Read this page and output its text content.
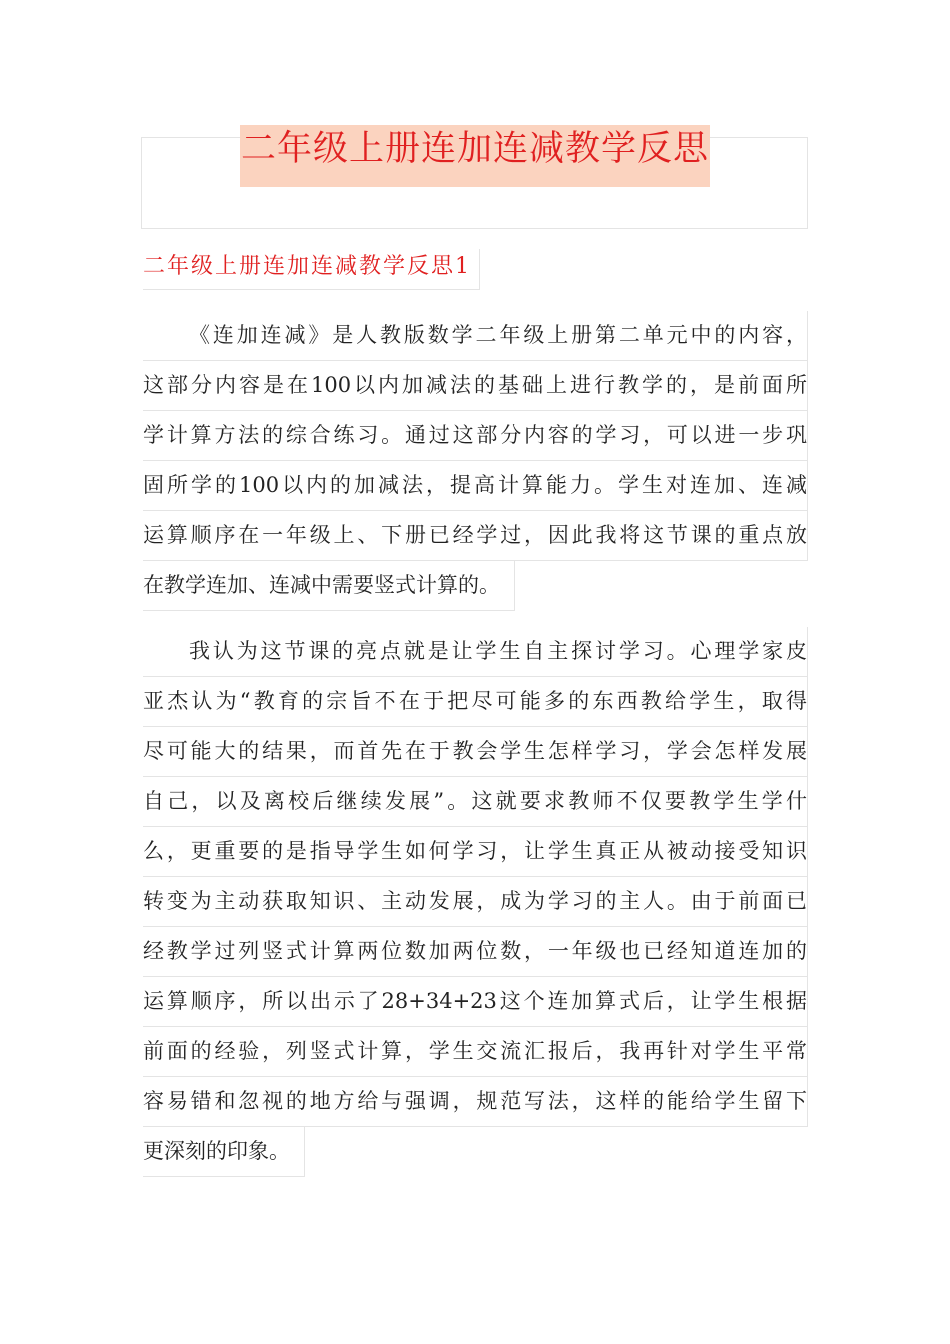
二年级上册连加连减教学反思
二年级上册连加连减教学反思1
《连加连减》是人教版数学二年级上册第二单元中的内容，
这部分内容是在100以内加减法的基础上进行教学的，是前面所
学计算方法的综合练习。通过这部分内容的学习，可以进一步巩
固所学的100以内的加减法，提高计算能力。学生对连加、连减
运算顺序在一年级上、下册已经学过，因此我将这节课的重点放
在教学连加、连减中需要竖式计算的。
我认为这节课的亮点就是让学生自主探讨学习。心理学家皮
亚杰认为“教育的宗旨不在于把尽可能多的东西教给学生，取得
尽可能大的结果，而首先在于教会学生怎样学习，学会怎样发展
自己，以及离校后继续发展”。这就要求教师不仅要教学生学什
么，更重要的是指导学生如何学习，让学生真正从被动接受知识
转变为主动获取知识、主动发展，成为学习的主人。由于前面已
经教学过列竖式计算两位数加两位数，一年级也已经知道连加的
运算顺序，所以出示了28+34+23这个连加算式后，让学生根据
前面的经验，列竖式计算，学生交流汇报后，我再针对学生平常
容易错和忽视的地方给与强调，规范写法，这样的能给学生留下
更深刻的印象。
